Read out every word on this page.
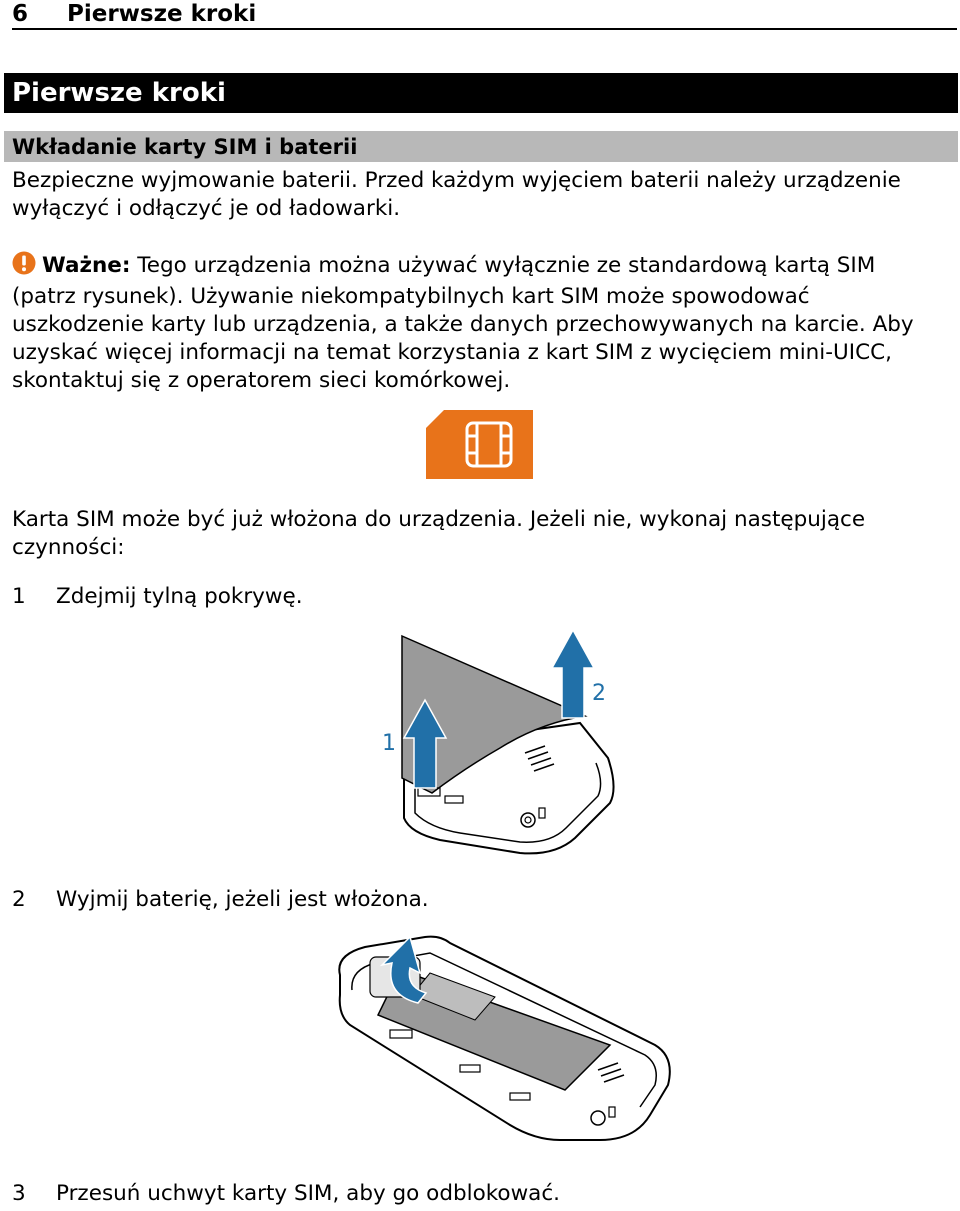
6	Pierwsze kroki
Pierwsze kroki
Wkładanie karty SIM i baterii
Bezpieczne wyjmowanie baterii. Przed każdym wyjęciem baterii należy urządzenie wyłączyć i odłączyć je od ładowarki.
Ważne: Tego urządzenia można używać wyłącznie ze standardową kartą SIM (patrz rysunek). Używanie niekompatybilnych kart SIM może spowodować uszkodzenie karty lub urządzenia, a także danych przechowywanych na karcie. Aby uzyskać więcej informacji na temat korzystania z kart SIM z wycięciem mini-UICC, skontaktuj się z operatorem sieci komórkowej.
Karta SIM może być już włożona do urządzenia. Jeżeli nie, wykonaj następujące czynności:
1 Zdejmij tylną pokrywę.
1
2
2 Wyjmij baterię, jeżeli jest włożona.
3 Przesuń uchwyt karty SIM, aby go odblokować.
